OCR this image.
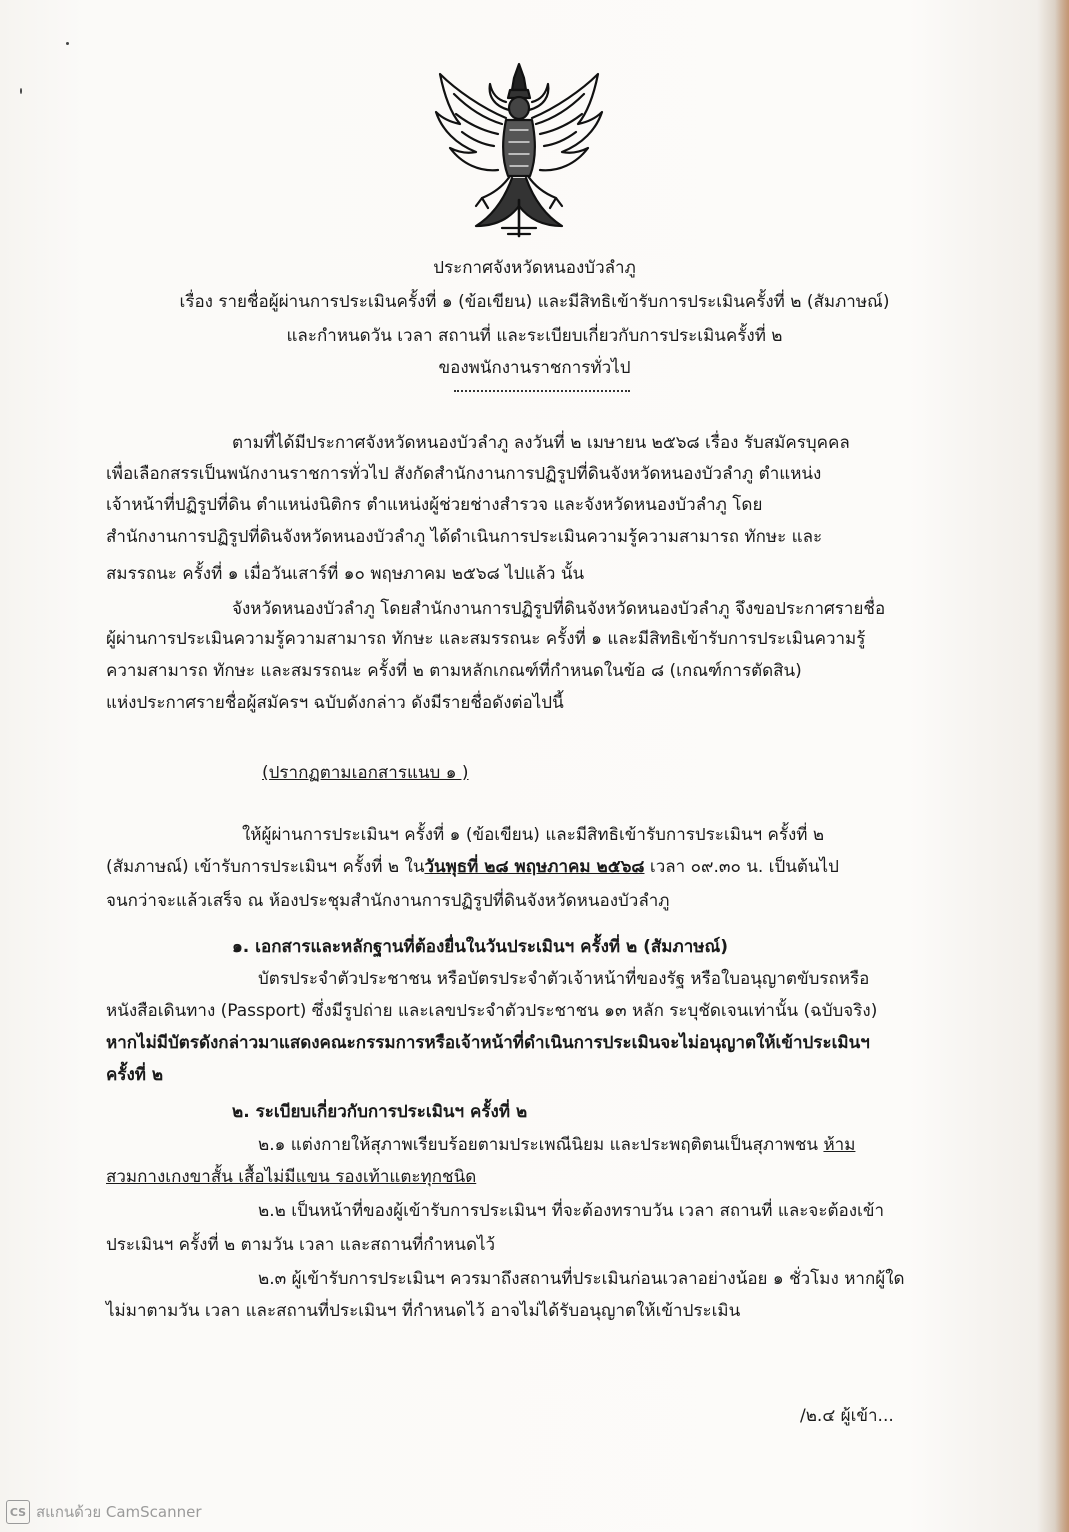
ประกาศจังหวัดหนองบัวลำภู
เรื่อง รายชื่อผู้ผ่านการประเมินครั้งที่ ๑ (ข้อเขียน) และมีสิทธิเข้ารับการประเมินครั้งที่ ๒ (สัมภาษณ์)
และกำหนดวัน เวลา สถานที่ และระเบียบเกี่ยวกับการประเมินครั้งที่ ๒
ของพนักงานราชการทั่วไป
ตามที่ได้มีประกาศจังหวัดหนองบัวลำภู ลงวันที่ ๒ เมษายน ๒๕๖๘ เรื่อง รับสมัครบุคคล
เพื่อเลือกสรรเป็นพนักงานราชการทั่วไป สังกัดสำนักงานการปฏิรูปที่ดินจังหวัดหนองบัวลำภู ตำแหน่ง
เจ้าหน้าที่ปฏิรูปที่ดิน ตำแหน่งนิติกร ตำแหน่งผู้ช่วยช่างสำรวจ และจังหวัดหนองบัวลำภู โดย
สำนักงานการปฏิรูปที่ดินจังหวัดหนองบัวลำภู ได้ดำเนินการประเมินความรู้ความสามารถ ทักษะ และ
สมรรถนะ ครั้งที่ ๑ เมื่อวันเสาร์ที่ ๑๐ พฤษภาคม ๒๕๖๘ ไปแล้ว นั้น
จังหวัดหนองบัวลำภู โดยสำนักงานการปฏิรูปที่ดินจังหวัดหนองบัวลำภู จึงขอประกาศรายชื่อ
ผู้ผ่านการประเมินความรู้ความสามารถ ทักษะ และสมรรถนะ ครั้งที่ ๑ และมีสิทธิเข้ารับการประเมินความรู้
ความสามารถ ทักษะ และสมรรถนะ ครั้งที่ ๒ ตามหลักเกณฑ์ที่กำหนดในข้อ ๘ (เกณฑ์การตัดสิน)
แห่งประกาศรายชื่อผู้สมัครฯ ฉบับดังกล่าว ดังมีรายชื่อดังต่อไปนี้
(ปรากฏตามเอกสารแนบ ๑ )
ให้ผู้ผ่านการประเมินฯ ครั้งที่ ๑ (ข้อเขียน) และมีสิทธิเข้ารับการประเมินฯ ครั้งที่ ๒
(สัมภาษณ์) เข้ารับการประเมินฯ ครั้งที่ ๒ ในวันพุธที่ ๒๘ พฤษภาคม ๒๕๖๘ เวลา ๐๙.๓๐ น. เป็นต้นไป
จนกว่าจะแล้วเสร็จ ณ ห้องประชุมสำนักงานการปฏิรูปที่ดินจังหวัดหนองบัวลำภู
๑. เอกสารและหลักฐานที่ต้องยื่นในวันประเมินฯ ครั้งที่ ๒ (สัมภาษณ์)
บัตรประจำตัวประชาชน หรือบัตรประจำตัวเจ้าหน้าที่ของรัฐ หรือใบอนุญาตขับรถหรือ
หนังสือเดินทาง (Passport) ซึ่งมีรูปถ่าย และเลขประจำตัวประชาชน ๑๓ หลัก ระบุชัดเจนเท่านั้น (ฉบับจริง)
หากไม่มีบัตรดังกล่าวมาแสดงคณะกรรมการหรือเจ้าหน้าที่ดำเนินการประเมินจะไม่อนุญาตให้เข้าประเมินฯ
ครั้งที่ ๒
๒. ระเบียบเกี่ยวกับการประเมินฯ ครั้งที่ ๒
๒.๑ แต่งกายให้สุภาพเรียบร้อยตามประเพณีนิยม และประพฤติตนเป็นสุภาพชน ห้าม
สวมกางเกงขาสั้น เสื้อไม่มีแขน รองเท้าแตะทุกชนิด
๒.๒ เป็นหน้าที่ของผู้เข้ารับการประเมินฯ ที่จะต้องทราบวัน เวลา สถานที่ และจะต้องเข้า
ประเมินฯ ครั้งที่ ๒ ตามวัน เวลา และสถานที่กำหนดไว้
๒.๓ ผู้เข้ารับการประเมินฯ ควรมาถึงสถานที่ประเมินก่อนเวลาอย่างน้อย ๑ ชั่วโมง หากผู้ใด
ไม่มาตามวัน เวลา และสถานที่ประเมินฯ ที่กำหนดไว้ อาจไม่ได้รับอนุญาตให้เข้าประเมิน
/๒.๔ ผู้เข้า...
CS สแกนด้วย CamScanner
